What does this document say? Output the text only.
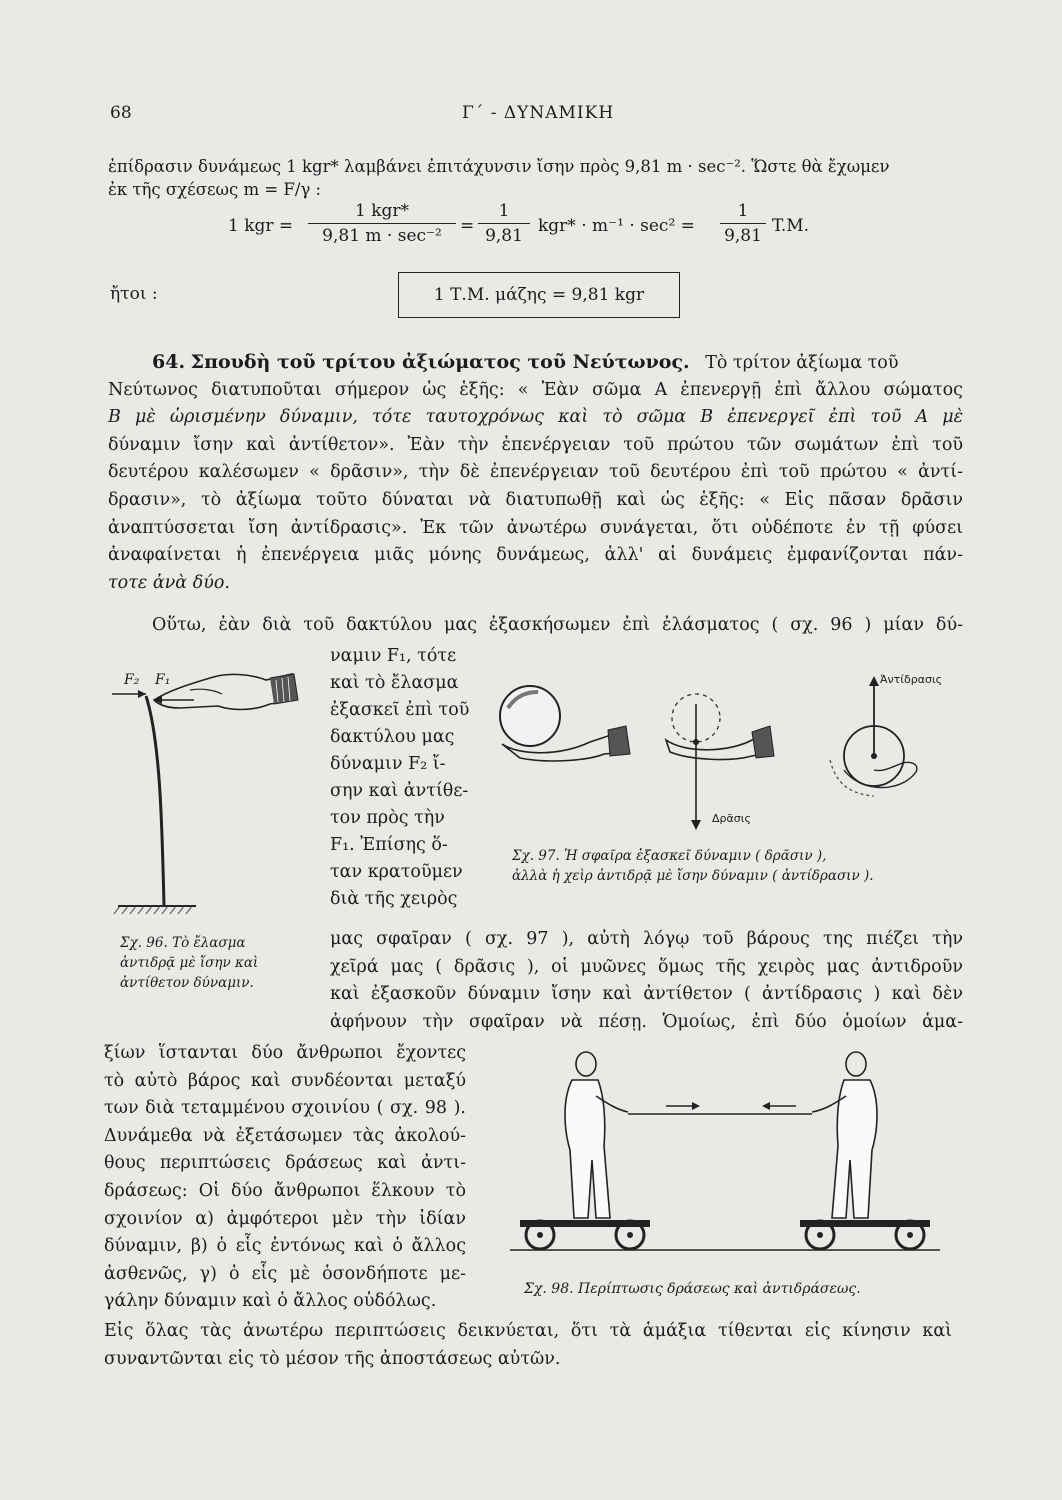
68	Γ΄ - ΔΥΝΑΜΙΚΗ
ἐπίδρασιν δυνάμεως 1 kgr* λαμβάνει ἐπιτάχυνσιν ἴσην πρὸς 9,81 m · sec⁻². Ὥστε θὰ ἔχωμεν
ἐκ τῆς σχέσεως m = F/γ :
1 kgr =
1 kgr*
9,81 m · sec⁻²	=
1
9,81 kgr* · m⁻¹ · sec² =
1
9,81 T.M.
ἤτοι :	1 Τ.Μ. μάζης = 9,81 kgr
64. Σπουδὴ τοῦ τρίτου ἀξιώματος τοῦ Νεύτωνος. Τὸ τρίτον ἀξίωμα τοῦ
Νεύτωνος διατυποῦται σήμερον ὡς ἑξῆς: « Ἐὰν σῶμα Α ἐπενεργῇ ἐπὶ ἄλλου σώματος
Β μὲ ὡρισμένην δύναμιν, τότε ταυτοχρόνως καὶ τὸ σῶμα Β ἐπενεργεῖ ἐπὶ τοῦ Α μὲ
δύναμιν ἴσην καὶ ἀντίθετον». Ἐὰν τὴν ἐπενέργειαν τοῦ πρώτου τῶν σωμάτων ἐπὶ τοῦ
δευτέρου καλέσωμεν « δρᾶσιν», τὴν δὲ ἐπενέργειαν τοῦ δευτέρου ἐπὶ τοῦ πρώτου « ἀντί-
δρασιν», τὸ ἀξίωμα τοῦτο δύναται νὰ διατυπωθῇ καὶ ὡς ἑξῆς: « Εἰς πᾶσαν δρᾶσιν
ἀναπτύσσεται ἴση ἀντίδρασις». Ἐκ τῶν ἀνωτέρω συνάγεται, ὅτι οὐδέποτε ἐν τῇ φύσει
ἀναφαίνεται ἡ ἐπενέργεια μιᾶς μόνης δυνάμεως, ἀλλ' αἱ δυνάμεις ἐμφανίζονται πάν-
τοτε ἀνὰ δύο.
Οὕτω, ἐὰν διὰ τοῦ δακτύλου μας ἐξασκήσωμεν ἐπὶ ἐλάσματος ( σχ. 96 ) μίαν δύ-
ναμιν F₁, τότε
καὶ τὸ ἔλασμα
ἐξασκεῖ ἐπὶ τοῦ
δακτύλου μας
δύναμιν F₂ ἴ-
σην καὶ ἀντίθε-
τον πρὸς τὴν
F₁. Ἐπίσης ὅ-
ταν κρατοῦμεν
διὰ τῆς χειρὸς
μας σφαῖραν ( σχ. 97 ), αὐτὴ λόγῳ τοῦ βάρους της πιέζει τὴν
χεῖρά μας ( δρᾶσις ), οἱ μυῶνες ὅμως τῆς χειρὸς μας ἀντιδροῦν
καὶ ἐξασκοῦν δύναμιν ἴσην καὶ ἀντίθετον ( ἀντίδρασις ) καὶ δὲν
ἀφήνουν τὴν σφαῖραν νὰ πέσῃ. Ὁμοίως, ἐπὶ δύο ὁμοίων ἁμα-
ξίων ἵστανται δύο ἄνθρωποι ἔχοντες
τὸ αὐτὸ βάρος καὶ συνδέονται μεταξύ
των διὰ τεταμμένου σχοινίου ( σχ. 98 ).
Δυνάμεθα νὰ ἐξετάσωμεν τὰς ἀκολού-
θους περιπτώσεις δράσεως καὶ ἀντι-
δράσεως: Οἱ δύο ἄνθρωποι ἕλκουν τὸ
σχοινίον α) ἀμφότεροι μὲν τὴν ἰδίαν
δύναμιν, β) ὁ εἷς ἐντόνως καὶ ὁ ἄλλος
ἀσθενῶς, γ) ὁ εἷς μὲ ὁσονδήποτε με-
γάλην δύναμιν καὶ ὁ ἄλλος οὐδόλως.
Εἰς ὅλας τὰς ἀνωτέρω περιπτώσεις δεικνύεται, ὅτι τὰ ἁμάξια τίθενται εἰς κίνησιν καὶ
συναντῶνται εἰς τὸ μέσον τῆς ἀποστάσεως αὐτῶν.
F₂ F₁
Σχ. 96. Τὸ ἔλασμα
ἀντιδρᾷ μὲ ἴσην καὶ
ἀντίθετον δύναμιν.
Ἀντίδρασις
Δρᾶσις
Σχ. 97. Ἡ σφαῖρα ἐξασκεῖ δύναμιν ( δρᾶσιν ),
ἀλλὰ ἡ χεὶρ ἀντιδρᾷ μὲ ἴσην δύναμιν ( ἀντίδρασιν ).
Σχ. 98. Περίπτωσις δράσεως καὶ ἀντιδράσεως.
